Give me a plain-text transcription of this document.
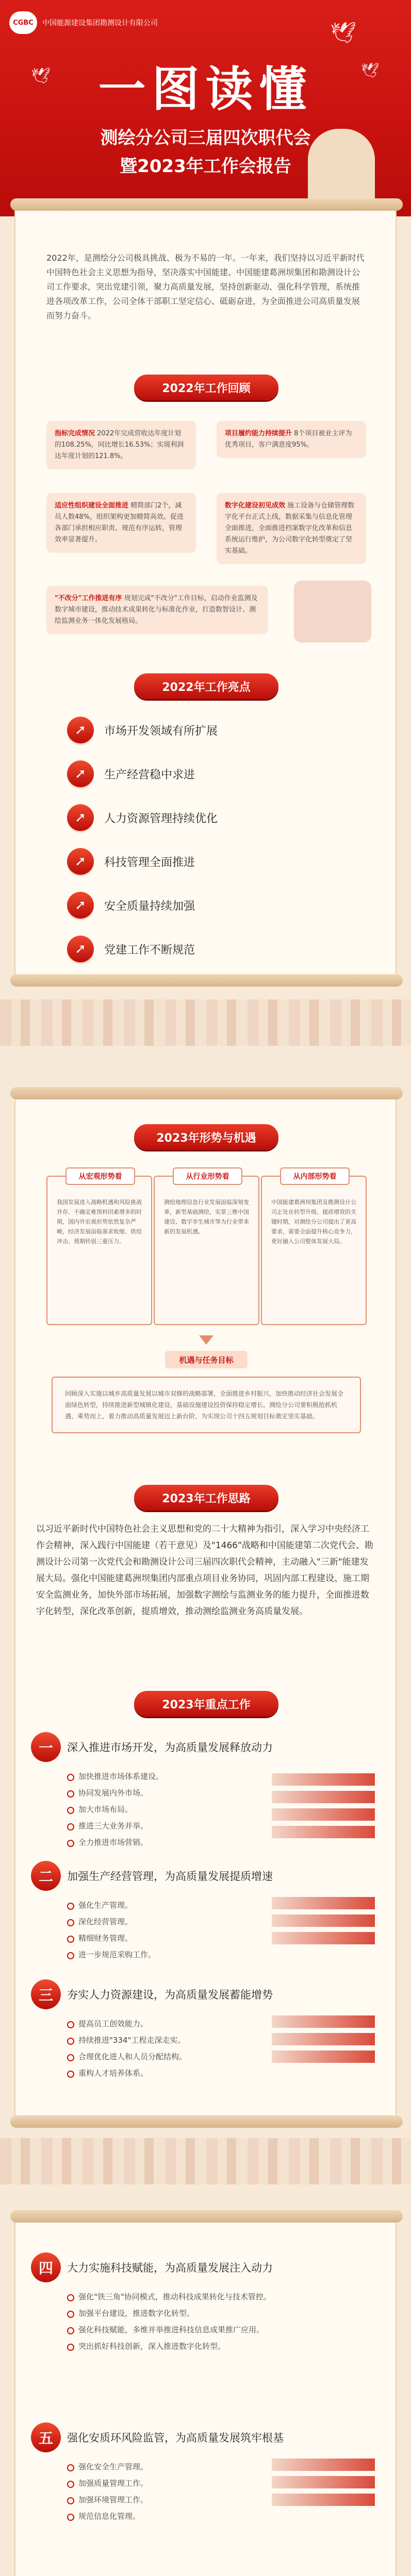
CGBC	中国能源建设集团勘测设计有限公司	🕊
🕊
🕊	一图读懂
测绘分公司三届四次职代会
暨2023年工作会报告

2022年，是测绘分公司极具挑战、极为不易的一年。一年来，我们坚持以习近平新时代中国特色社会主义思想为指导，坚决落实中国能建、中国能建葛洲坝集团和勘测设计公司工作要求，突出党建引领，聚力高质量发展，坚持创新驱动、强化科学管理，系统推进各项改革工作，公司全体干部职工坚定信心、砥砺奋进，为全面推进公司高质量发展而努力奋斗。

2022年工作回顾
指标完成情况 2022年完成营收达年度计划的108.25%，同比增长16.53%；实现利润达年度计划的121.8%。
项目履约能力持续提升 8个项目被业主评为优秀项目，客户满意度95%。
适应性组织建设全面推进 精简部门2个，减员人数48%，组织架构更加精简高效。促进各部门承担相应职责、规范有序运转，管理效率显著提升。
数字化建设初见成效 施工设备与仓储管理数字化平台正式上线，数据采集与信息化管理全面推进，全面推进档案数字化改革和信息系统运行维护，为公司数字化转型奠定了坚实基础。
"不改分"工作推进有序 规划完成"不改分"工作目标，启动作业监测及数字城市建设，推动技术成果转化与标准化作业，打造数智设计、测绘监测业务一体化发展格局。
2022年工作亮点
➚	市场开发领域有所扩展
➚	生产经营稳中求进
➚	人力资源管理持续优化
➚	科技管理全面推进
➚	安全质量持续加强
➚	党建工作不断规范
2023年形势与机遇
从宏观形势看
我国发展进入战略机遇和风险挑战并存、不确定难预料因素增多的时期，国内外宏观形势依然复杂严峻，经济发展面临需求收缩、供给冲击、预期转弱三重压力。
从行业形势看
测绘地理信息行业发展面临深刻变革，新型基础测绘、实景三维中国建设、数字孪生城市等为行业带来新的发展机遇。
从内部形势看
中国能建葛洲坝集团及勘测设计公司正处在转型升级、提质增效的关键时期，对测绘分公司提出了更高要求，需要全面提升核心竞争力，更好融入公司整体发展大局。
机遇与任务目标
回顾深入实施以城乡高质量发展以城市双修的战略部署，全面推进乡村振兴，加快推动经济社会发展全面绿色转型，持续推进新型城镇化建设，基础设施建设投资保持稳定增长。测绘分公司要积极抢抓机遇、乘势而上，着力推动高质量发展迈上新台阶，为实现公司十四五规划目标奠定坚实基础。
2023年工作思路

以习近平新时代中国特色社会主义思想和党的二十大精神为指引，深入学习中央经济工作会精神，深入践行中国能建（若干意见）及"1466"战略和中国能建第二次党代会、勘测设计公司第一次党代会和勘测设计公司三届四次职代会精神，主动融入"三新"能建发展大局。强化中国能建葛洲坝集团内部重点项目业务协同，巩固内部工程建设、施工期安全监测业务，加快外部市场拓展，加强数字测绘与监测业务的能力提升，全面推进数字化转型，深化改革创新，提质增效，推动测绘监测业务高质量发展。

2023年重点工作
一	深入推进市场开发，为高质量发展释放动力
加快推进市场体系建设。
协同发展内外市场。
加大市场布局。
推进三大业务并举。
全力推进市场营销。
二	加强生产经营管理，为高质量发展提质增速
强化生产管理。
深化经营管理。
精细财务管理。
进一步规范采购工作。
三	夯实人力资源建设，为高质量发展蓄能增势
提高员工创效能力。
持续推进"334"工程走深走实。
合理优化进人和人员分配结构。
重构人才培养体系。
四	大力实施科技赋能，为高质量发展注入动力
强化"铁三角"协同模式，推动科技成果转化与技术管控。
加强平台建设，推进数字化转型。
强化科技赋能，多维并举推进科技信息成果推广应用。
突出抓好科技创新，深入推进数字化转型。
五	强化安质环风险监管，为高质量发展筑牢根基
强化安全生产管理。
加强质量管理工作。
加强环境管理工作。
规范信息化管理。
